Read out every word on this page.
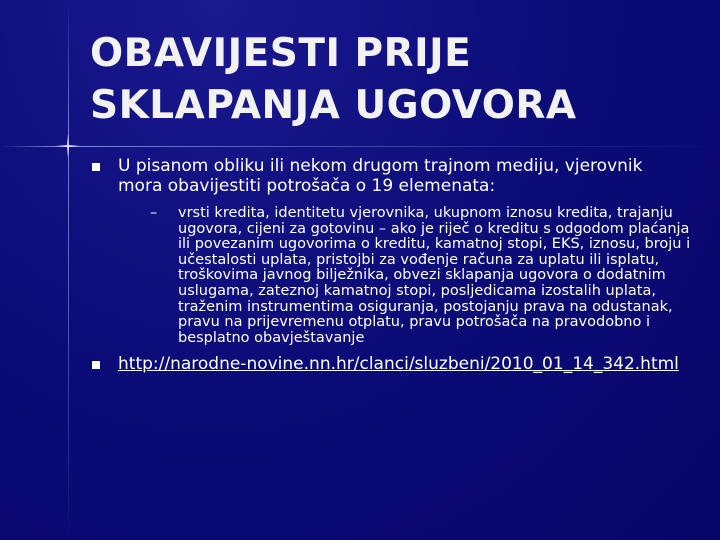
OBAVIJESTI PRIJE SKLAPANJA UGOVORA
U pisanom obliku ili nekom drugom trajnom mediju, vjerovnik mora obavijestiti potrošača o 19 elemenata:
– vrsti kredita, identitetu vjerovnika, ukupnom iznosu kredita, trajanju ugovora, cijeni za gotovinu – ako je riječ o kreditu s odgodom plaćanja ili povezanim ugovorima o kreditu, kamatnoj stopi, EKS, iznosu, broju i učestalosti uplata, pristojbi za vođenje računa za uplatu ili isplatu, troškovima javnog bilježnika, obvezi sklapanja ugovora o dodatnim uslugama, zateznoj kamatnoj stopi, posljedicama izostalih uplata, traženim instrumentima osiguranja, postojanju prava na odustanak, pravu na prijevremenu otplatu, pravu potrošača na pravodobno i besplatno obavještavanje
http://narodne-novine.nn.hr/clanci/sluzbeni/2010_01_14_342.html
